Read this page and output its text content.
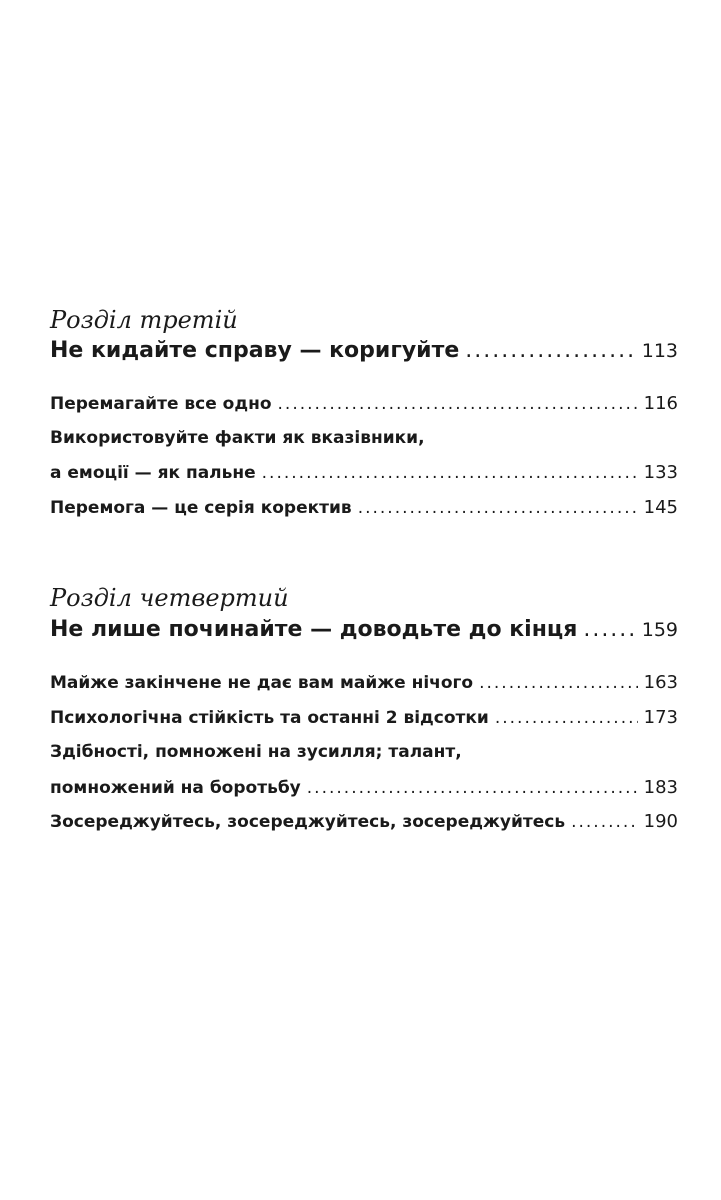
Розділ третій
Не кидайте справу — коригуйте .....	113
Перемагайте все одно .....	116
Використовуйте факти як вказівники,
а емоції — як пальне .....	133
Перемога — це серія коректив .....	145
Розділ четвертий
Не лише починайте — доводьте до кінця .....	159
Майже закінчене не дає вам майже нічого .....	163
Психологічна стійкість та останні 2 відсотки .....	173
Здібності, помножені на зусилля; талант,
помножений на боротьбу .....	183
Зосереджуйтесь, зосереджуйтесь, зосереджуйтесь .....	190
